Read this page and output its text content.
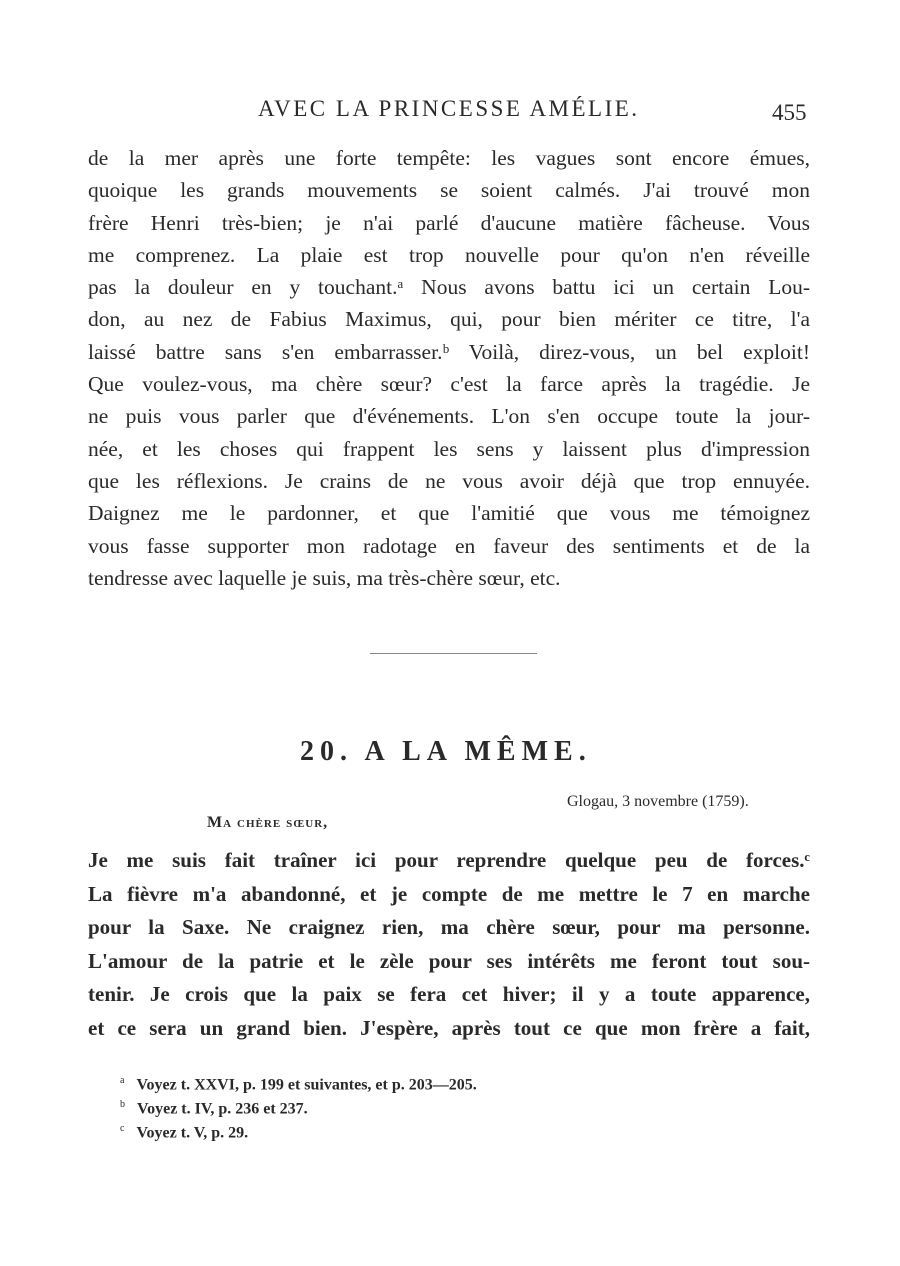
AVEC LA PRINCESSE AMÉLIE.	455
de la mer après une forte tempête: les vagues sont encore émues,
quoique les grands mouvements se soient calmés. J'ai trouvé mon
frère Henri très-bien; je n'ai parlé d'aucune matière fâcheuse. Vous
me comprenez. La plaie est trop nouvelle pour qu'on n'en réveille
pas la douleur en y touchant.ᵃ Nous avons battu ici un certain Lou-
don, au nez de Fabius Maximus, qui, pour bien mériter ce titre, l'a
laissé battre sans s'en embarrasser.ᵇ Voilà, direz-vous, un bel exploit!
Que voulez-vous, ma chère sœur? c'est la farce après la tragédie. Je
ne puis vous parler que d'événements. L'on s'en occupe toute la jour-
née, et les choses qui frappent les sens y laissent plus d'impression
que les réflexions. Je crains de ne vous avoir déjà que trop ennuyée.
Daignez me le pardonner, et que l'amitié que vous me témoignez
vous fasse supporter mon radotage en faveur des sentiments et de la
tendresse avec laquelle je suis, ma très-chère sœur, etc.
20. A LA MÊME.
Glogau, 3 novembre (1759).
Ma chère sœur,
Je me suis fait traîner ici pour reprendre quelque peu de forces.ᶜ
La fièvre m'a abandonné, et je compte de me mettre le 7 en marche
pour la Saxe. Ne craignez rien, ma chère sœur, pour ma personne.
L'amour de la patrie et le zèle pour ses intérêts me feront tout sou-
tenir. Je crois que la paix se fera cet hiver; il y a toute apparence,
et ce sera un grand bien. J'espère, après tout ce que mon frère a fait,
$^a$ Voyez t. XXVI, p. 199 et suivantes, et p. 203—205.
$^b$ Voyez t. IV, p. 236 et 237.
$^c$ Voyez t. V, p. 29.
